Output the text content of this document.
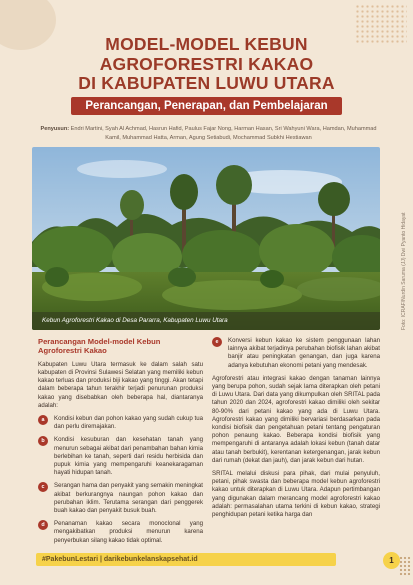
MODEL-MODEL KEBUN
AGROFORESTRI KAKAO
DI KABUPATEN LUWU UTARA
Perancangan, Penerapan, dan Pembelajaran
Penyusun: Endri Martini, Syah Al Achmad, Hasrun Hafid, Paulus Fajar Nong, Harman Hasan, Sri Wahyuni Wara, Hamdan, Muhammad Kamil, Muhammad Hatta, Arman, Agung Setiabudi, Mochammad Subkhi Hestiawan
Kebun Agroforestri Kakao di Desa Pararra, Kabupaten Luwu Utara	Foto: ICRAF/Nurdin Saruma (JJ) Dwi Pyanto Hidayat
Perancangan Model-model Kebun Agroforestri Kakao
Kabupaten Luwu Utara termasuk ke dalam salah satu kabupaten di Provinsi Sulawesi Selatan yang memiliki kebun kakao terluas dan produksi biji kakao yang tinggi. Akan tetapi dalam beberapa tahun terakhir terjadi penurunan produksi kakao yang disebabkan oleh beberapa hal, diantaranya adalah:
a	Kondisi kebun dan pohon kakao yang sudah cukup tua dan perlu diremajakan.
b	Kondisi kesuburan dan kesehatan tanah yang menurun sebagai akibat dari penambahan bahan kimia berlebihan ke tanah, seperti dari residu herbisida dan pupuk kimia yang mempengaruhi keanekaragaman hayati hidupan tanah.
c	Serangan hama dan penyakit yang semakin meningkat akibat berkurangnya naungan pohon kakao dan perubahan iklim. Terutama serangan dari penggerek buah kakao dan penyakit busuk buah.
d	Penanaman kakao secara monoclonal yang mengakibatkan produksi menurun karena penyerbukan silang kakao tidak optimal.
e	Konversi kebun kakao ke sistem penggunaan lahan lainnya akibat terjadinya perubahan biofisik lahan akibat banjir atau peningkatan genangan, dan juga karena adanya kebutuhan ekonomi petani yang mendesak.
Agroforestri atau integrasi kakao dengan tanaman lainnya yang berupa pohon, sudah sejak lama diterapkan oleh petani di Luwu Utara. Dari data yang dikumpulkan oleh SRITAL pada tahun 2020 dan 2024, agroforestri kakao dimiliki oleh sekitar 80-90% dari petani kakao yang ada di Luwu Utara. Agroforestri kakao yang dimiliki bervariasi berdasarkan pada kondisi biofisik dan pengetahuan petani tentang pengaturan pohon penaung kakao. Beberapa kondisi biofisik yang mempengaruhi di antaranya adalah lokasi kebun (tanah datar atau tanah berbukit), kerentanan ketergenangan, jarak kebun dari rumah (dekat dan jauh), dan jarak kebun dari hutan.
SRITAL melalui diskusi para pihak, dari mulai penyuluh, petani, pihak swasta dan beberapa model kebun agroforestri kakao untuk diterapkan di Luwu Utara. Adapun pertimbangan yang digunakan dalam merancang model agroforestri kakao adalah: permasalahan utama terkini di kebun kakao, strategi penghidupan petani ketika harga dan
#PakebunLestari | darikebunkelanskapsehat.id	1
